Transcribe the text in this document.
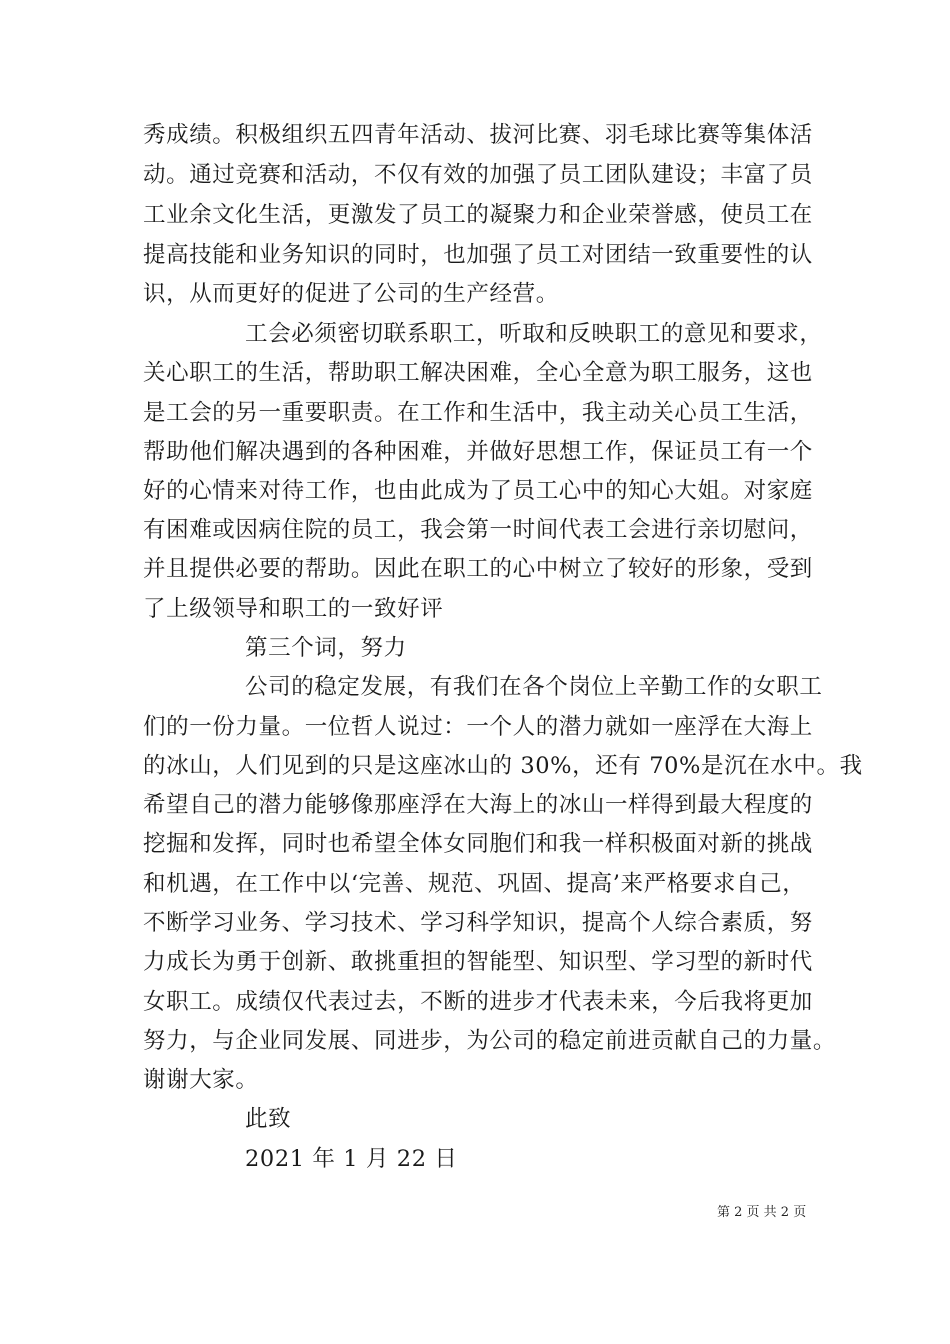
秀成绩。积极组织五四青年活动、拔河比赛、羽毛球比赛等集体活
动。通过竞赛和活动，不仅有效的加强了员工团队建设；丰富了员
工业余文化生活，更激发了员工的凝聚力和企业荣誉感，使员工在
提高技能和业务知识的同时，也加强了员工对团结一致重要性的认
识，从而更好的促进了公司的生产经营。
工会必须密切联系职工，听取和反映职工的意见和要求，
关心职工的生活，帮助职工解决困难，全心全意为职工服务，这也
是工会的另一重要职责。在工作和生活中，我主动关心员工生活，
帮助他们解决遇到的各种困难，并做好思想工作，保证员工有一个
好的心情来对待工作，也由此成为了员工心中的知心大姐。对家庭
有困难或因病住院的员工，我会第一时间代表工会进行亲切慰问，
并且提供必要的帮助。因此在职工的心中树立了较好的形象，受到
了上级领导和职工的一致好评
第三个词，努力
公司的稳定发展，有我们在各个岗位上辛勤工作的女职工
们的一份力量。一位哲人说过：一个人的潜力就如一座浮在大海上
的冰山，人们见到的只是这座冰山的 30%，还有 70%是沉在水中。我
希望自己的潜力能够像那座浮在大海上的冰山一样得到最大程度的
挖掘和发挥，同时也希望全体女同胞们和我一样积极面对新的挑战
和机遇，在工作中以‘完善、规范、巩固、提高’来严格要求自己，
不断学习业务、学习技术、学习科学知识，提高个人综合素质，努
力成长为勇于创新、敢挑重担的智能型、知识型、学习型的新时代
女职工。成绩仅代表过去，不断的进步才代表未来，今后我将更加
努力，与企业同发展、同进步，为公司的稳定前进贡献自己的力量。
谢谢大家。
此致
2021 年 1 月 22 日
第 2 页 共 2 页
